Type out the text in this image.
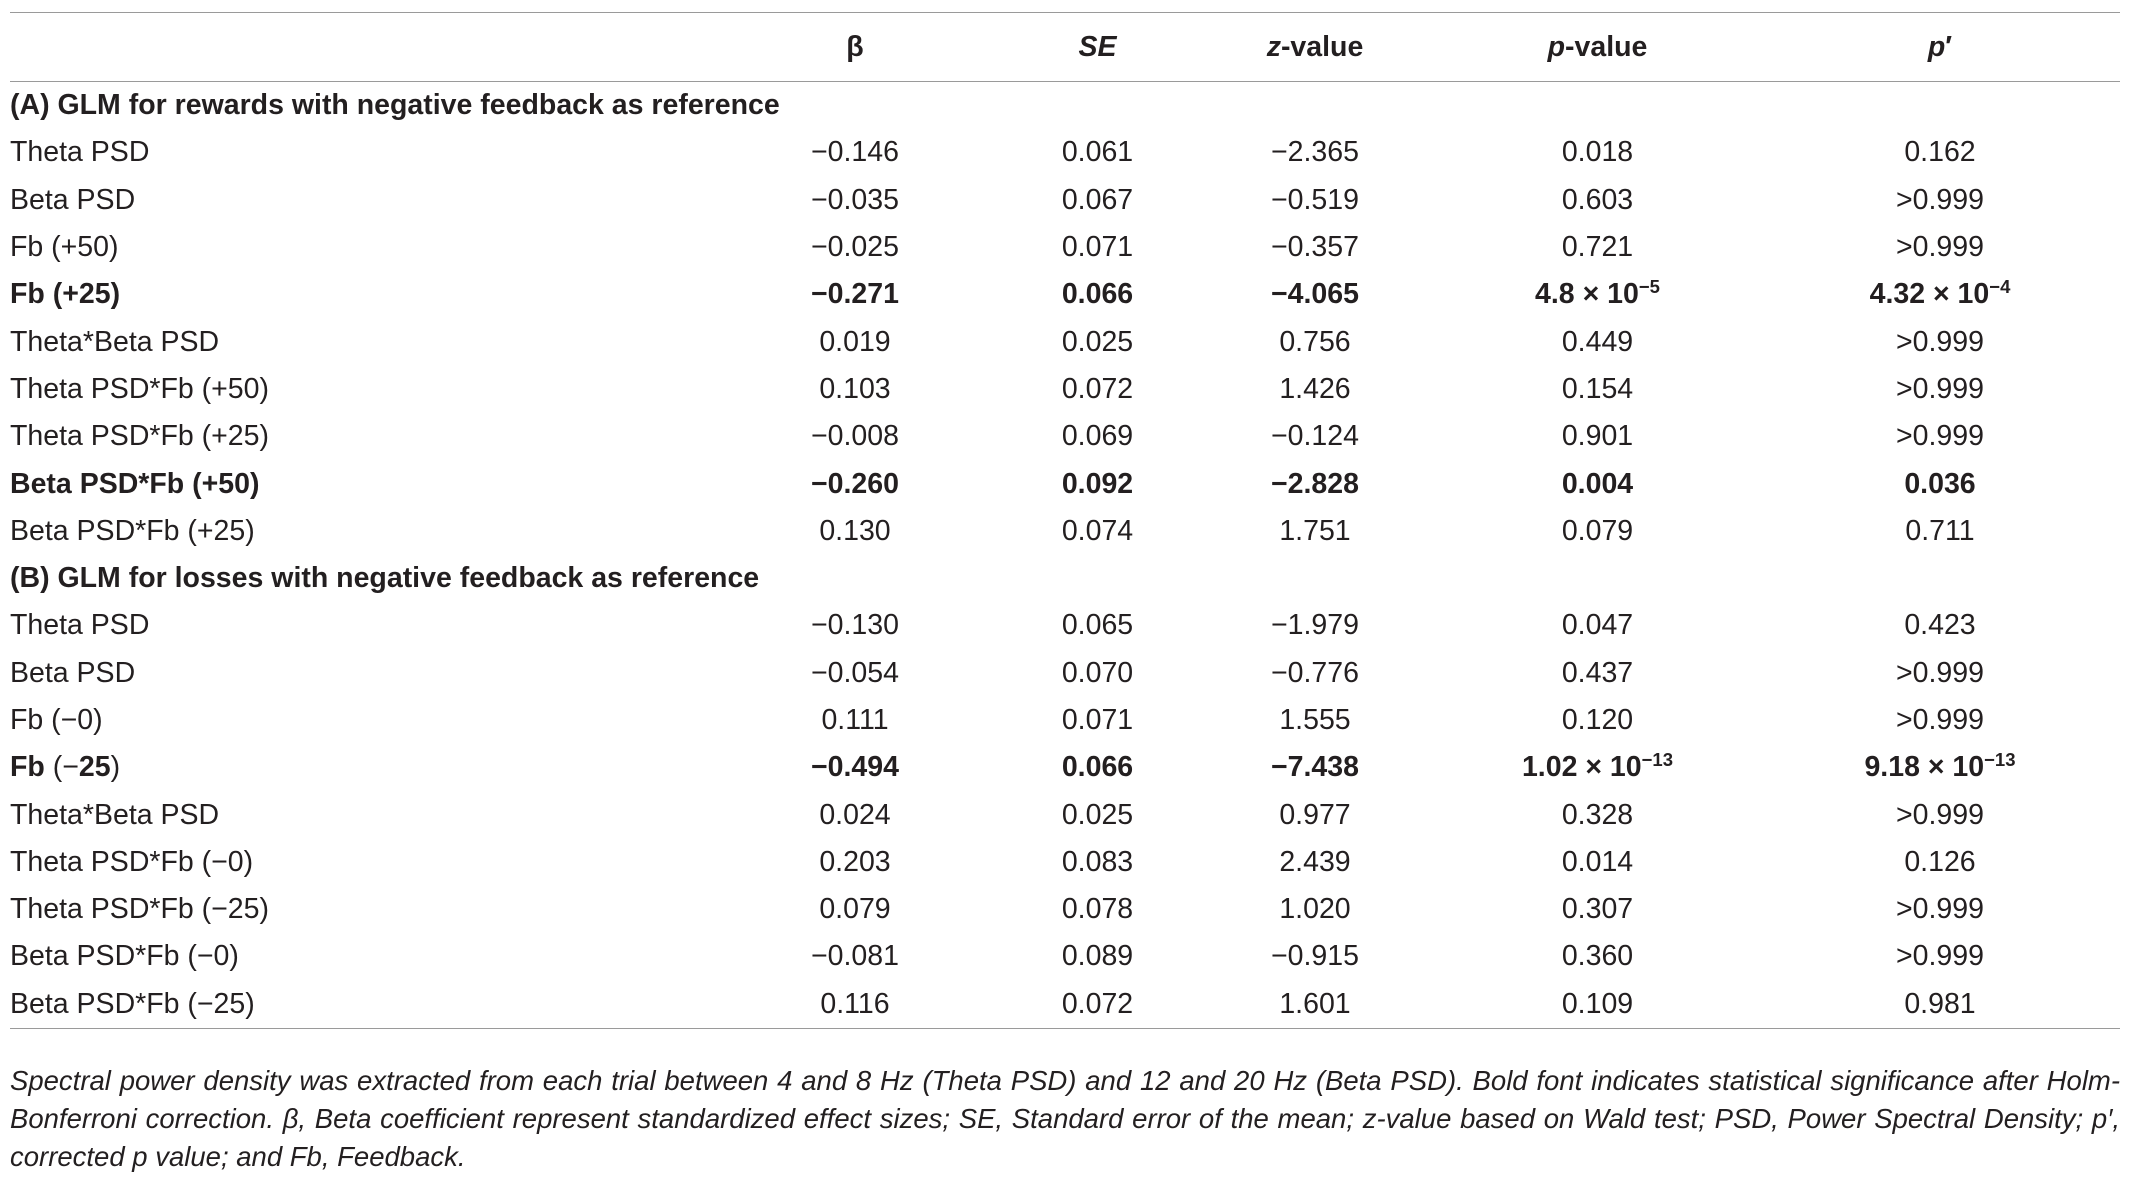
	β	SE	z-value	p-value	p′
(A) GLM for rewards with negative feedback as reference					
Theta PSD	−0.146	0.061	−2.365	0.018	0.162
Beta PSD	−0.035	0.067	−0.519	0.603	>0.999
Fb (+50)	−0.025	0.071	−0.357	0.721	>0.999
Fb (+25)	−0.271	0.066	−4.065	$4.8 \times 10^{-5}$	$4.32 \times 10^{-4}$
Theta*Beta PSD	0.019	0.025	0.756	0.449	>0.999
Theta PSD*Fb (+50)	0.103	0.072	1.426	0.154	>0.999
Theta PSD*Fb (+25)	−0.008	0.069	−0.124	0.901	>0.999
Beta PSD*Fb (+50)	−0.260	0.092	−2.828	0.004	0.036
Beta PSD*Fb (+25)	0.130	0.074	1.751	0.079	0.711
(B) GLM for losses with negative feedback as reference					
Theta PSD	−0.130	0.065	−1.979	0.047	0.423
Beta PSD	−0.054	0.070	−0.776	0.437	>0.999
Fb (−0)	0.111	0.071	1.555	0.120	>0.999
Fb (−25)	−0.494	0.066	−7.438	$1.02 \times 10^{-13}$	$9.18 \times 10^{-13}$
Theta*Beta PSD	0.024	0.025	0.977	0.328	>0.999
Theta PSD*Fb (−0)	0.203	0.083	2.439	0.014	0.126
Theta PSD*Fb (−25)	0.079	0.078	1.020	0.307	>0.999
Beta PSD*Fb (−0)	−0.081	0.089	−0.915	0.360	>0.999
Beta PSD*Fb (−25)	0.116	0.072	1.601	0.109	0.981
Spectral power density was extracted from each trial between 4 and 8 Hz (Theta PSD) and 12 and 20 Hz (Beta PSD). Bold font indicates statistical significance after Holm-Bonferroni correction. β, Beta coefficient represent standardized effect sizes; SE, Standard error of the mean; z-value based on Wald test; PSD, Power Spectral Density; p′, corrected p value; and Fb, Feedback.
